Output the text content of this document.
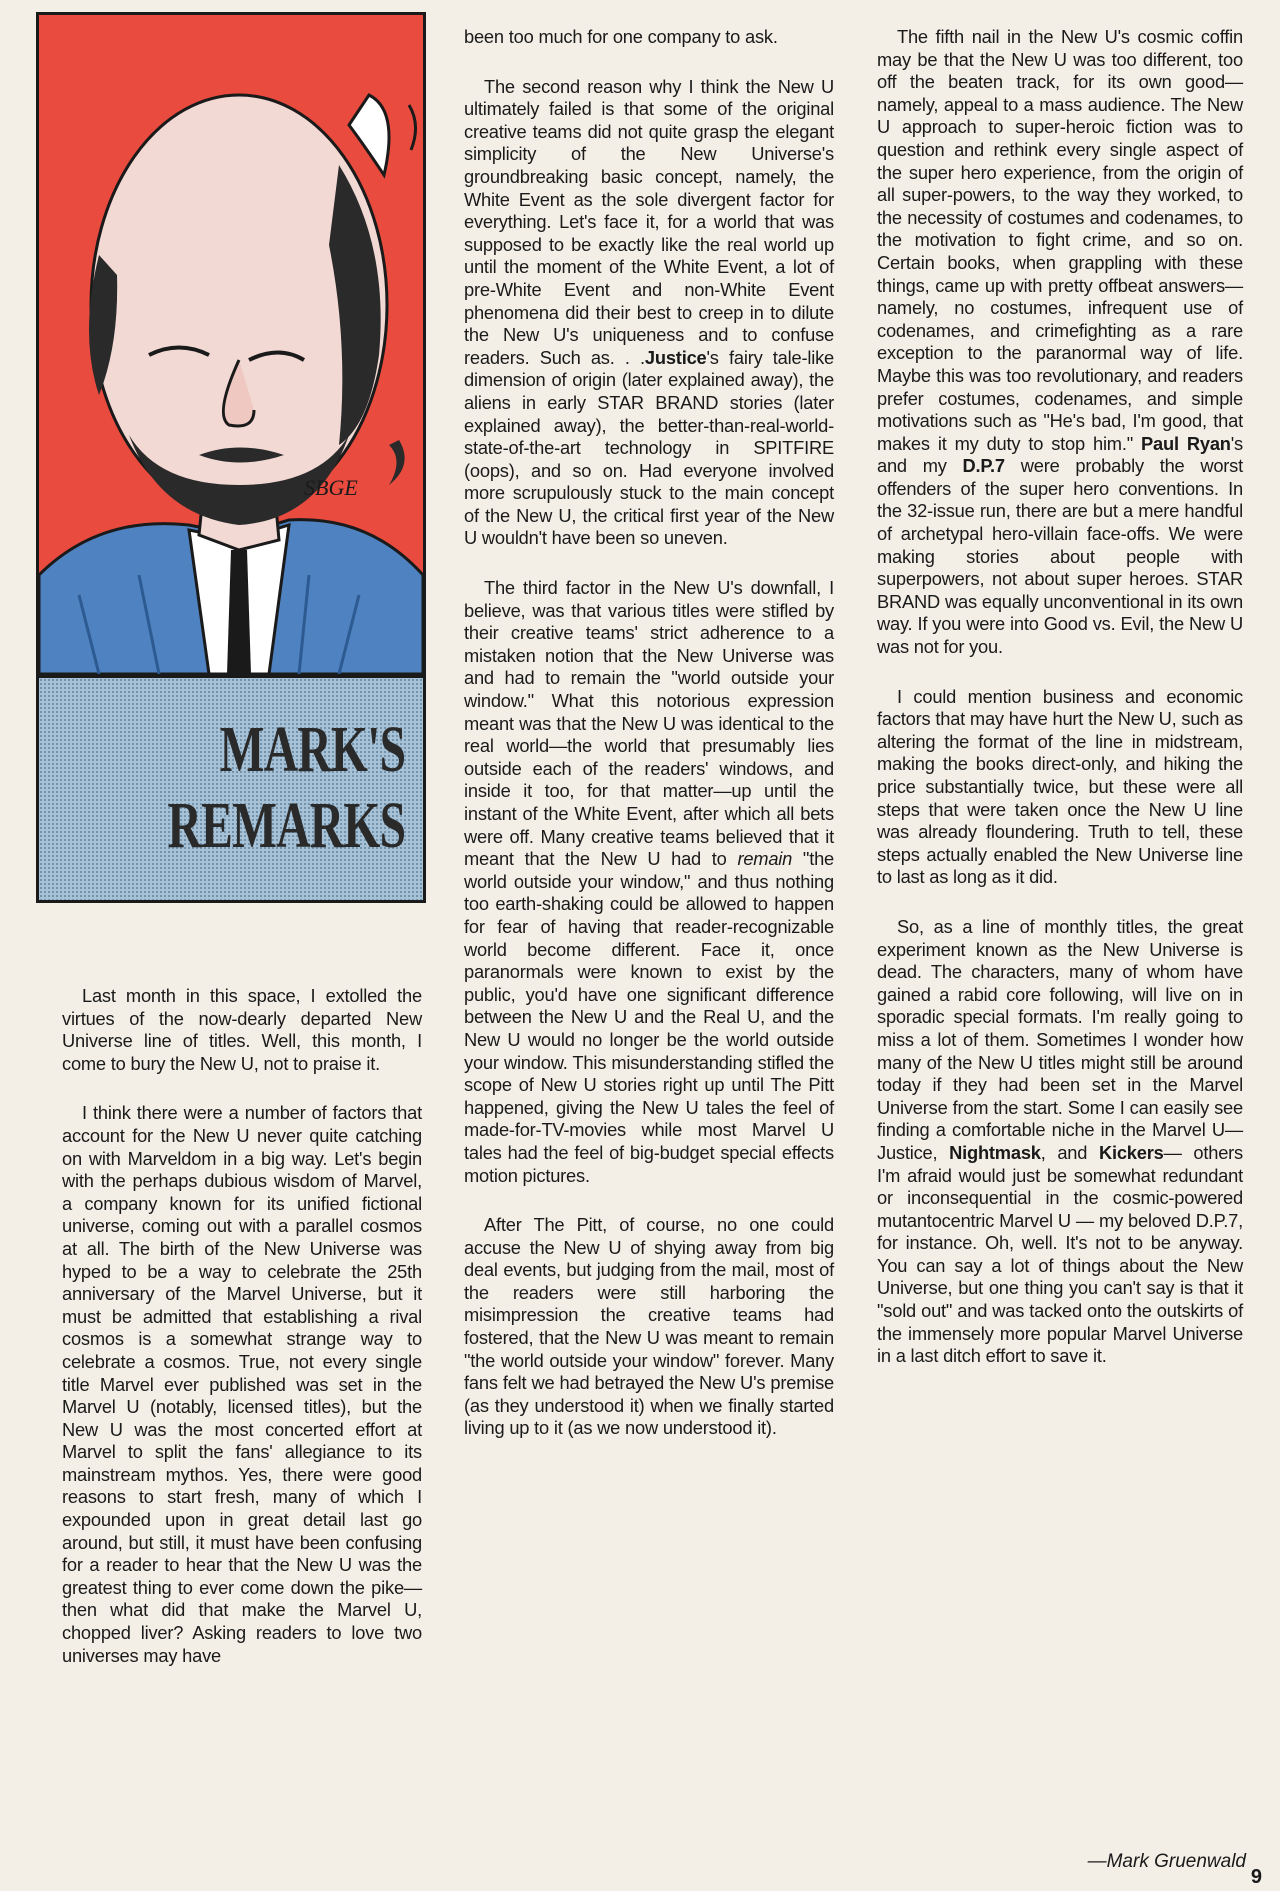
SBGE
MARK'S
REMARKS

Last month in this space, I extolled the virtues of the now-dearly departed New Universe line of titles. Well, this month, I come to bury the New U, not to praise it.

I think there were a number of factors that account for the New U never quite catching on with Marveldom in a big way. Let's begin with the perhaps dubious wisdom of Marvel, a company known for its unified fictional universe, coming out with a parallel cosmos at all. The birth of the New Universe was hyped to be a way to celebrate the 25th anniversary of the Marvel Universe, but it must be admitted that establishing a rival cosmos is a somewhat strange way to celebrate a cosmos. True, not every single title Marvel ever published was set in the Marvel U (notably, licensed titles), but the New U was the most concerted effort at Marvel to split the fans' allegiance to its mainstream mythos. Yes, there were good reasons to start fresh, many of which I expounded upon in great detail last go around, but still, it must have been confusing for a reader to hear that the New U was the greatest thing to ever come down the pike—then what did that make the Marvel U, chopped liver? Asking readers to love two universes may have

been too much for one company to ask.

The second reason why I think the New U ultimately failed is that some of the original creative teams did not quite grasp the elegant simplicity of the New Universe's groundbreaking basic concept, namely, the White Event as the sole divergent factor for everything. Let's face it, for a world that was supposed to be exactly like the real world up until the moment of the White Event, a lot of pre-White Event and non-White Event phenomena did their best to creep in to dilute the New U's uniqueness and to confuse readers. Such as. . .Justice's fairy tale-like dimension of origin (later explained away), the aliens in early STAR BRAND stories (later explained away), the better-than-real-world-state-of-the-art technology in SPITFIRE (oops), and so on. Had everyone involved more scrupulously stuck to the main concept of the New U, the critical first year of the New U wouldn't have been so uneven.

The third factor in the New U's downfall, I believe, was that various titles were stifled by their creative teams' strict adherence to a mistaken notion that the New Universe was and had to remain the "world outside your window." What this notorious expression meant was that the New U was identical to the real world—the world that presumably lies outside each of the readers' windows, and inside it too, for that matter—up until the instant of the White Event, after which all bets were off. Many creative teams believed that it meant that the New U had to remain "the world outside your window," and thus nothing too earth-shaking could be allowed to happen for fear of having that reader-recognizable world become different. Face it, once paranormals were known to exist by the public, you'd have one significant difference between the New U and the Real U, and the New U would no longer be the world outside your window. This misunderstanding stifled the scope of New U stories right up until The Pitt happened, giving the New U tales the feel of made-for-TV-movies while most Marvel U tales had the feel of big-budget special effects motion pictures.

After The Pitt, of course, no one could accuse the New U of shying away from big deal events, but judging from the mail, most of the readers were still harboring the misimpression the creative teams had fostered, that the New U was meant to remain "the world outside your window" forever. Many fans felt we had betrayed the New U's premise (as they understood it) when we finally started living up to it (as we now understood it).

The fifth nail in the New U's cosmic coffin may be that the New U was too different, too off the beaten track, for its own good—namely, appeal to a mass audience. The New U approach to super-heroic fiction was to question and rethink every single aspect of the super hero experience, from the origin of all super-powers, to the way they worked, to the necessity of costumes and codenames, to the motivation to fight crime, and so on. Certain books, when grappling with these things, came up with pretty offbeat answers—namely, no costumes, infrequent use of codenames, and crimefighting as a rare exception to the paranormal way of life. Maybe this was too revolutionary, and readers prefer costumes, codenames, and simple motivations such as "He's bad, I'm good, that makes it my duty to stop him." Paul Ryan's and my D.P.7 were probably the worst offenders of the super hero conventions. In the 32-issue run, there are but a mere handful of archetypal hero-villain face-offs. We were making stories about people with superpowers, not about super heroes. STAR BRAND was equally unconventional in its own way. If you were into Good vs. Evil, the New U was not for you.

I could mention business and economic factors that may have hurt the New U, such as altering the format of the line in midstream, making the books direct-only, and hiking the price substantially twice, but these were all steps that were taken once the New U line was already floundering. Truth to tell, these steps actually enabled the New Universe line to last as long as it did.

So, as a line of monthly titles, the great experiment known as the New Universe is dead. The characters, many of whom have gained a rabid core following, will live on in sporadic special formats. I'm really going to miss a lot of them. Sometimes I wonder how many of the New U titles might still be around today if they had been set in the Marvel Universe from the start. Some I can easily see finding a comfortable niche in the Marvel U— Justice, Nightmask, and Kickers— others I'm afraid would just be somewhat redundant or inconsequential in the cosmic-powered mutantocentric Marvel U — my beloved D.P.7, for instance. Oh, well. It's not to be anyway. You can say a lot of things about the New Universe, but one thing you can't say is that it "sold out" and was tacked onto the outskirts of the immensely more popular Marvel Universe in a last ditch effort to save it.

—Mark Gruenwald
9
